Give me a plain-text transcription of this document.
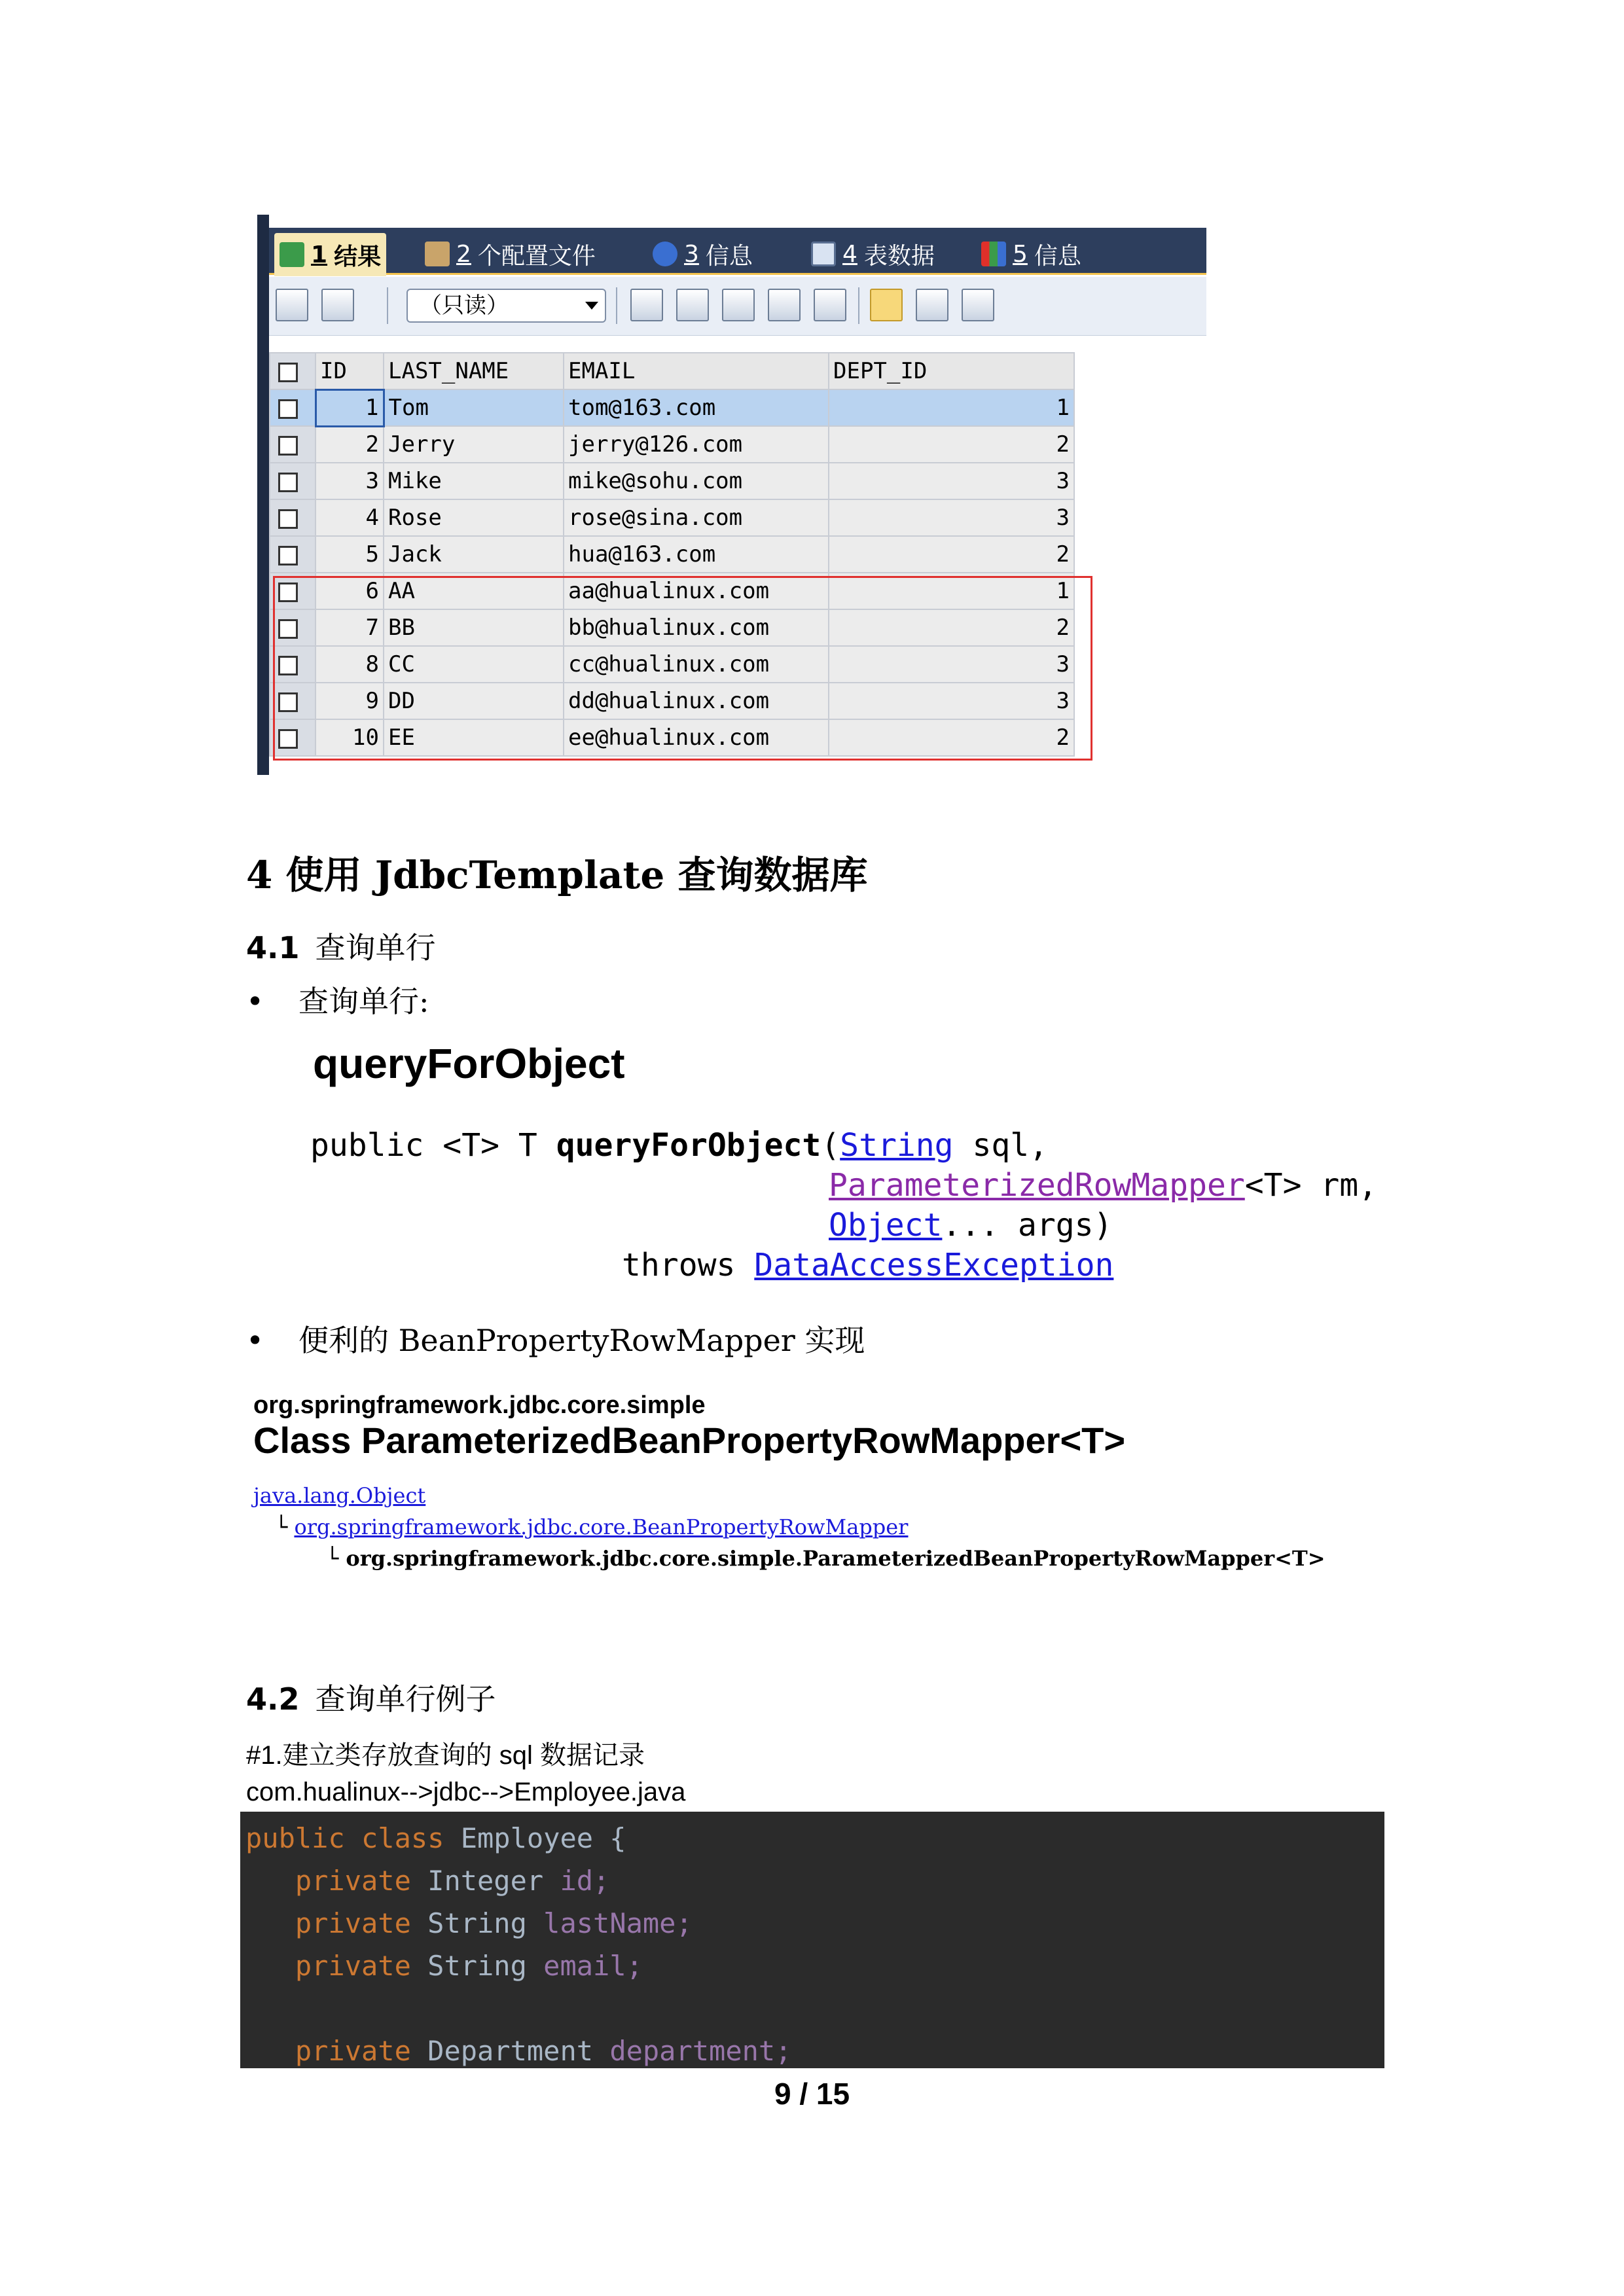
1 结果	2 个配置文件	3 信息	4 表数据	5 信息
（只读）
	ID	LAST_NAME	EMAIL	DEPT_ID
	1	Tom	tom@163.com	1
	2	Jerry	jerry@126.com	2
	3	Mike	mike@sohu.com	3
	4	Rose	rose@sina.com	3
	5	Jack	hua@163.com	2
	6	AA	aa@hualinux.com	1
	7	BB	bb@hualinux.com	2
	8	CC	cc@hualinux.com	3
	9	DD	dd@hualinux.com	3
	10	EE	ee@hualinux.com	2
4 使用 JdbcTemplate 查询数据库
4.1 查询单行
• 查询单行:
queryForObject
public <T> T queryForObject(String sql,
ParameterizedRowMapper<T> rm,
Object... args)
throws DataAccessException
• 便利的 BeanPropertyRowMapper 实现
org.springframework.jdbc.core.simple
Class ParameterizedBeanPropertyRowMapper<T>
java.lang.Object
└ org.springframework.jdbc.core.BeanPropertyRowMapper
└ org.springframework.jdbc.core.simple.ParameterizedBeanPropertyRowMapper<T>
4.2 查询单行例子
#1.建立类存放查询的 sql 数据记录
com.hualinux-->jdbc-->Employee.java
public class Employee {
private Integer id;
private String lastName;
private String email;

private Department department;
9 / 15
